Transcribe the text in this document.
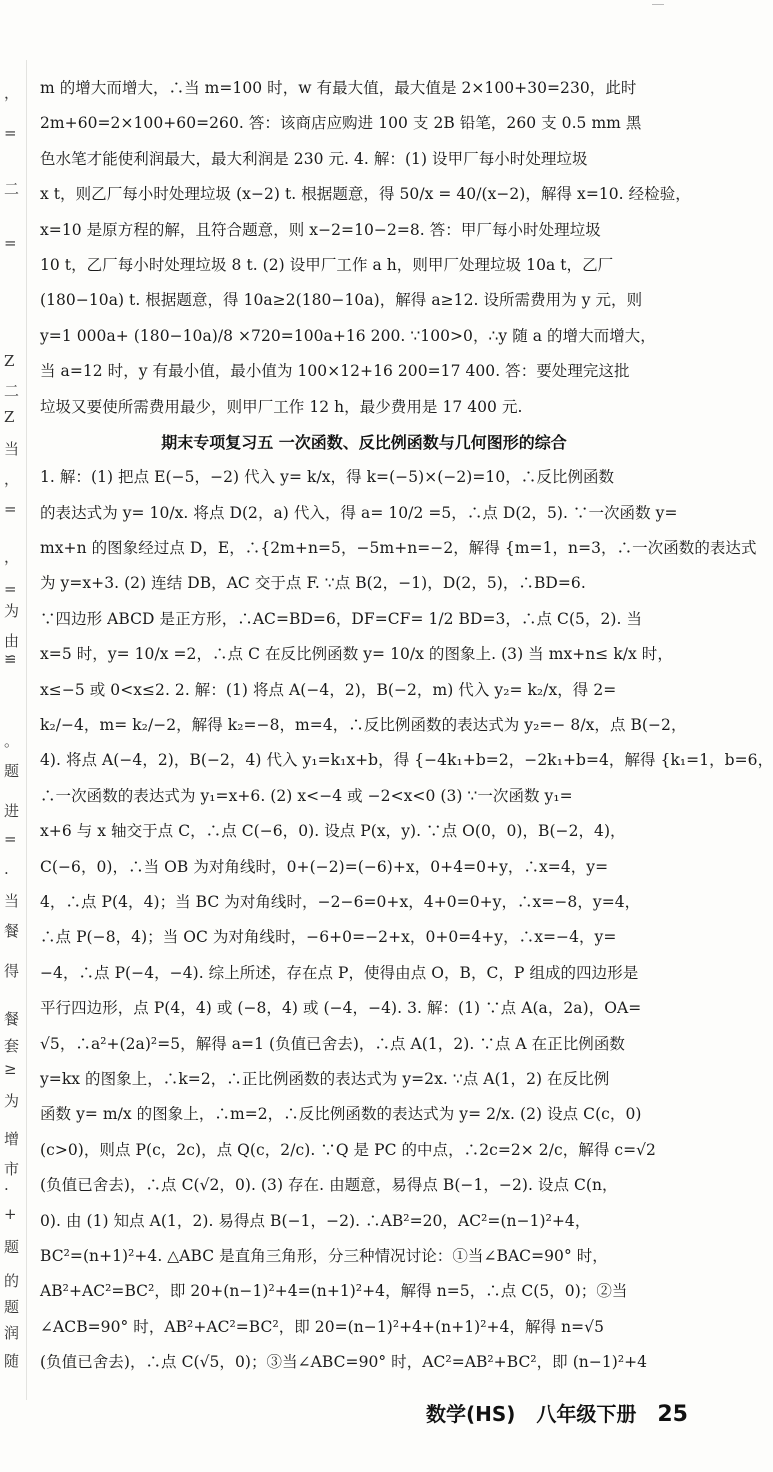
，
=
二
=
Z
二
Z
当
，
=
，
=
为
由
≌
。
题
进
=
.
当
餐
得
餐
套
≥
为
增
市
·
+
题
的
题
润
随
m 的增大而增大，∴当 m=100 时，w 有最大值，最大值是 2×100+30=230，此时
2m+60=2×100+60=260. 答：该商店应购进 100 支 2B 铅笔，260 支 0.5 mm 黑
色水笔才能使利润最大，最大利润是 230 元. 4. 解：(1) 设甲厂每小时处理垃圾
x t，则乙厂每小时处理垃圾 (x−2) t. 根据题意，得 50/x = 40/(x−2)，解得 x=10. 经检验，
x=10 是原方程的解，且符合题意，则 x−2=10−2=8. 答：甲厂每小时处理垃圾
10 t，乙厂每小时处理垃圾 8 t. (2) 设甲厂工作 a h，则甲厂处理垃圾 10a t，乙厂
(180−10a) t. 根据题意，得 10a≥2(180−10a)，解得 a≥12. 设所需费用为 y 元，则
y=1 000a+ (180−10a)/8 ×720=100a+16 200. ∵100>0，∴y 随 a 的增大而增大，
当 a=12 时，y 有最小值，最小值为 100×12+16 200=17 400. 答：要处理完这批
垃圾又要使所需费用最少，则甲厂工作 12 h，最少费用是 17 400 元.
期末专项复习五 一次函数、反比例函数与几何图形的综合
1. 解：(1) 把点 E(−5，−2) 代入 y= k/x，得 k=(−5)×(−2)=10，∴反比例函数
的表达式为 y= 10/x. 将点 D(2，a) 代入，得 a= 10/2 =5，∴点 D(2，5). ∵一次函数 y=
mx+n 的图象经过点 D，E，∴{2m+n=5，−5m+n=−2，解得 {m=1，n=3，∴一次函数的表达式
为 y=x+3. (2) 连结 DB，AC 交于点 F. ∵点 B(2，−1)，D(2，5)，∴BD=6.
∵四边形 ABCD 是正方形，∴AC=BD=6，DF=CF= 1/2 BD=3，∴点 C(5，2). 当
x=5 时，y= 10/x =2，∴点 C 在反比例函数 y= 10/x 的图象上. (3) 当 mx+n≤ k/x 时，
x≤−5 或 0<x≤2. 2. 解：(1) 将点 A(−4，2)，B(−2，m) 代入 y₂= k₂/x，得 2=
k₂/−4，m= k₂/−2，解得 k₂=−8，m=4，∴反比例函数的表达式为 y₂=− 8/x，点 B(−2，
4). 将点 A(−4，2)，B(−2，4) 代入 y₁=k₁x+b，得 {−4k₁+b=2，−2k₁+b=4，解得 {k₁=1，b=6，
∴一次函数的表达式为 y₁=x+6. (2) x<−4 或 −2<x<0 (3) ∵一次函数 y₁=
x+6 与 x 轴交于点 C，∴点 C(−6，0). 设点 P(x，y). ∵点 O(0，0)，B(−2，4)，
C(−6，0)，∴当 OB 为对角线时，0+(−2)=(−6)+x，0+4=0+y，∴x=4，y=
4，∴点 P(4，4)；当 BC 为对角线时，−2−6=0+x，4+0=0+y，∴x=−8，y=4，
∴点 P(−8，4)；当 OC 为对角线时，−6+0=−2+x，0+0=4+y，∴x=−4，y=
−4，∴点 P(−4，−4). 综上所述，存在点 P，使得由点 O，B，C，P 组成的四边形是
平行四边形，点 P(4，4) 或 (−8，4) 或 (−4，−4). 3. 解：(1) ∵点 A(a，2a)，OA=
√5，∴a²+(2a)²=5，解得 a=1 (负值已舍去)，∴点 A(1，2). ∵点 A 在正比例函数
y=kx 的图象上，∴k=2，∴正比例函数的表达式为 y=2x. ∵点 A(1，2) 在反比例
函数 y= m/x 的图象上，∴m=2，∴反比例函数的表达式为 y= 2/x. (2) 设点 C(c，0)
(c>0)，则点 P(c，2c)，点 Q(c，2/c). ∵Q 是 PC 的中点，∴2c=2× 2/c，解得 c=√2
(负值已舍去)，∴点 C(√2，0). (3) 存在. 由题意，易得点 B(−1，−2). 设点 C(n，
0). 由 (1) 知点 A(1，2). 易得点 B(−1，−2). ∴AB²=20，AC²=(n−1)²+4，
BC²=(n+1)²+4. △ABC 是直角三角形，分三种情况讨论：①当∠BAC=90° 时，
AB²+AC²=BC²，即 20+(n−1)²+4=(n+1)²+4，解得 n=5，∴点 C(5，0)；②当
∠ACB=90° 时，AB²+AC²=BC²，即 20=(n−1)²+4+(n+1)²+4，解得 n=√5
(负值已舍去)，∴点 C(√5，0)；③当∠ABC=90° 时，AC²=AB²+BC²，即 (n−1)²+4
数学(HS) 八年级下册 25
